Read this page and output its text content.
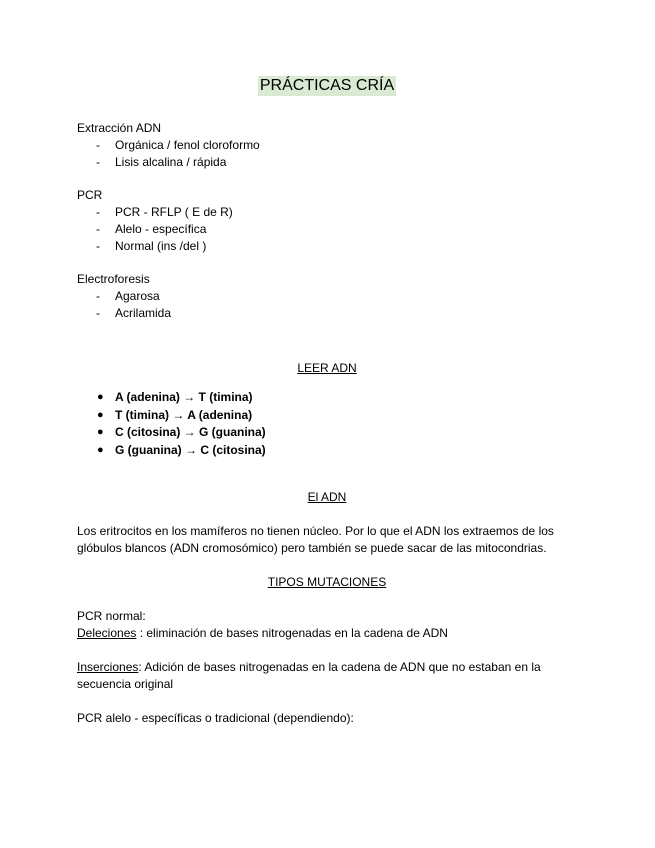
PRÁCTICAS CRÍA

Extracción ADN

- Orgánica / fenol cloroformo
- Lisis alcalina / rápida

PCR

- PCR - RFLP ( E de R)
- Alelo - específica
- Normal (ins /del )

Electroforesis

- Agarosa
- Acrilamida

LEER ADN

● A (adenina) → T (timina)
● T (timina) → A (adenina)
● C (citosina) → G (guanina)
● G (guanina) → C (citosina)

El ADN

Los eritrocitos en los mamíferos no tienen núcleo. Por lo que el ADN los extraemos de los glóbulos blancos (ADN cromosómico) pero también se puede sacar de las mitocondrias.

TIPOS MUTACIONES

PCR normal:

Deleciones : eliminación de bases nitrogenadas en la cadena de ADN

Inserciones: Adición de bases nitrogenadas en la cadena de ADN que no estaban en la secuencia original

PCR alelo - específicas o tradicional (dependiendo):
